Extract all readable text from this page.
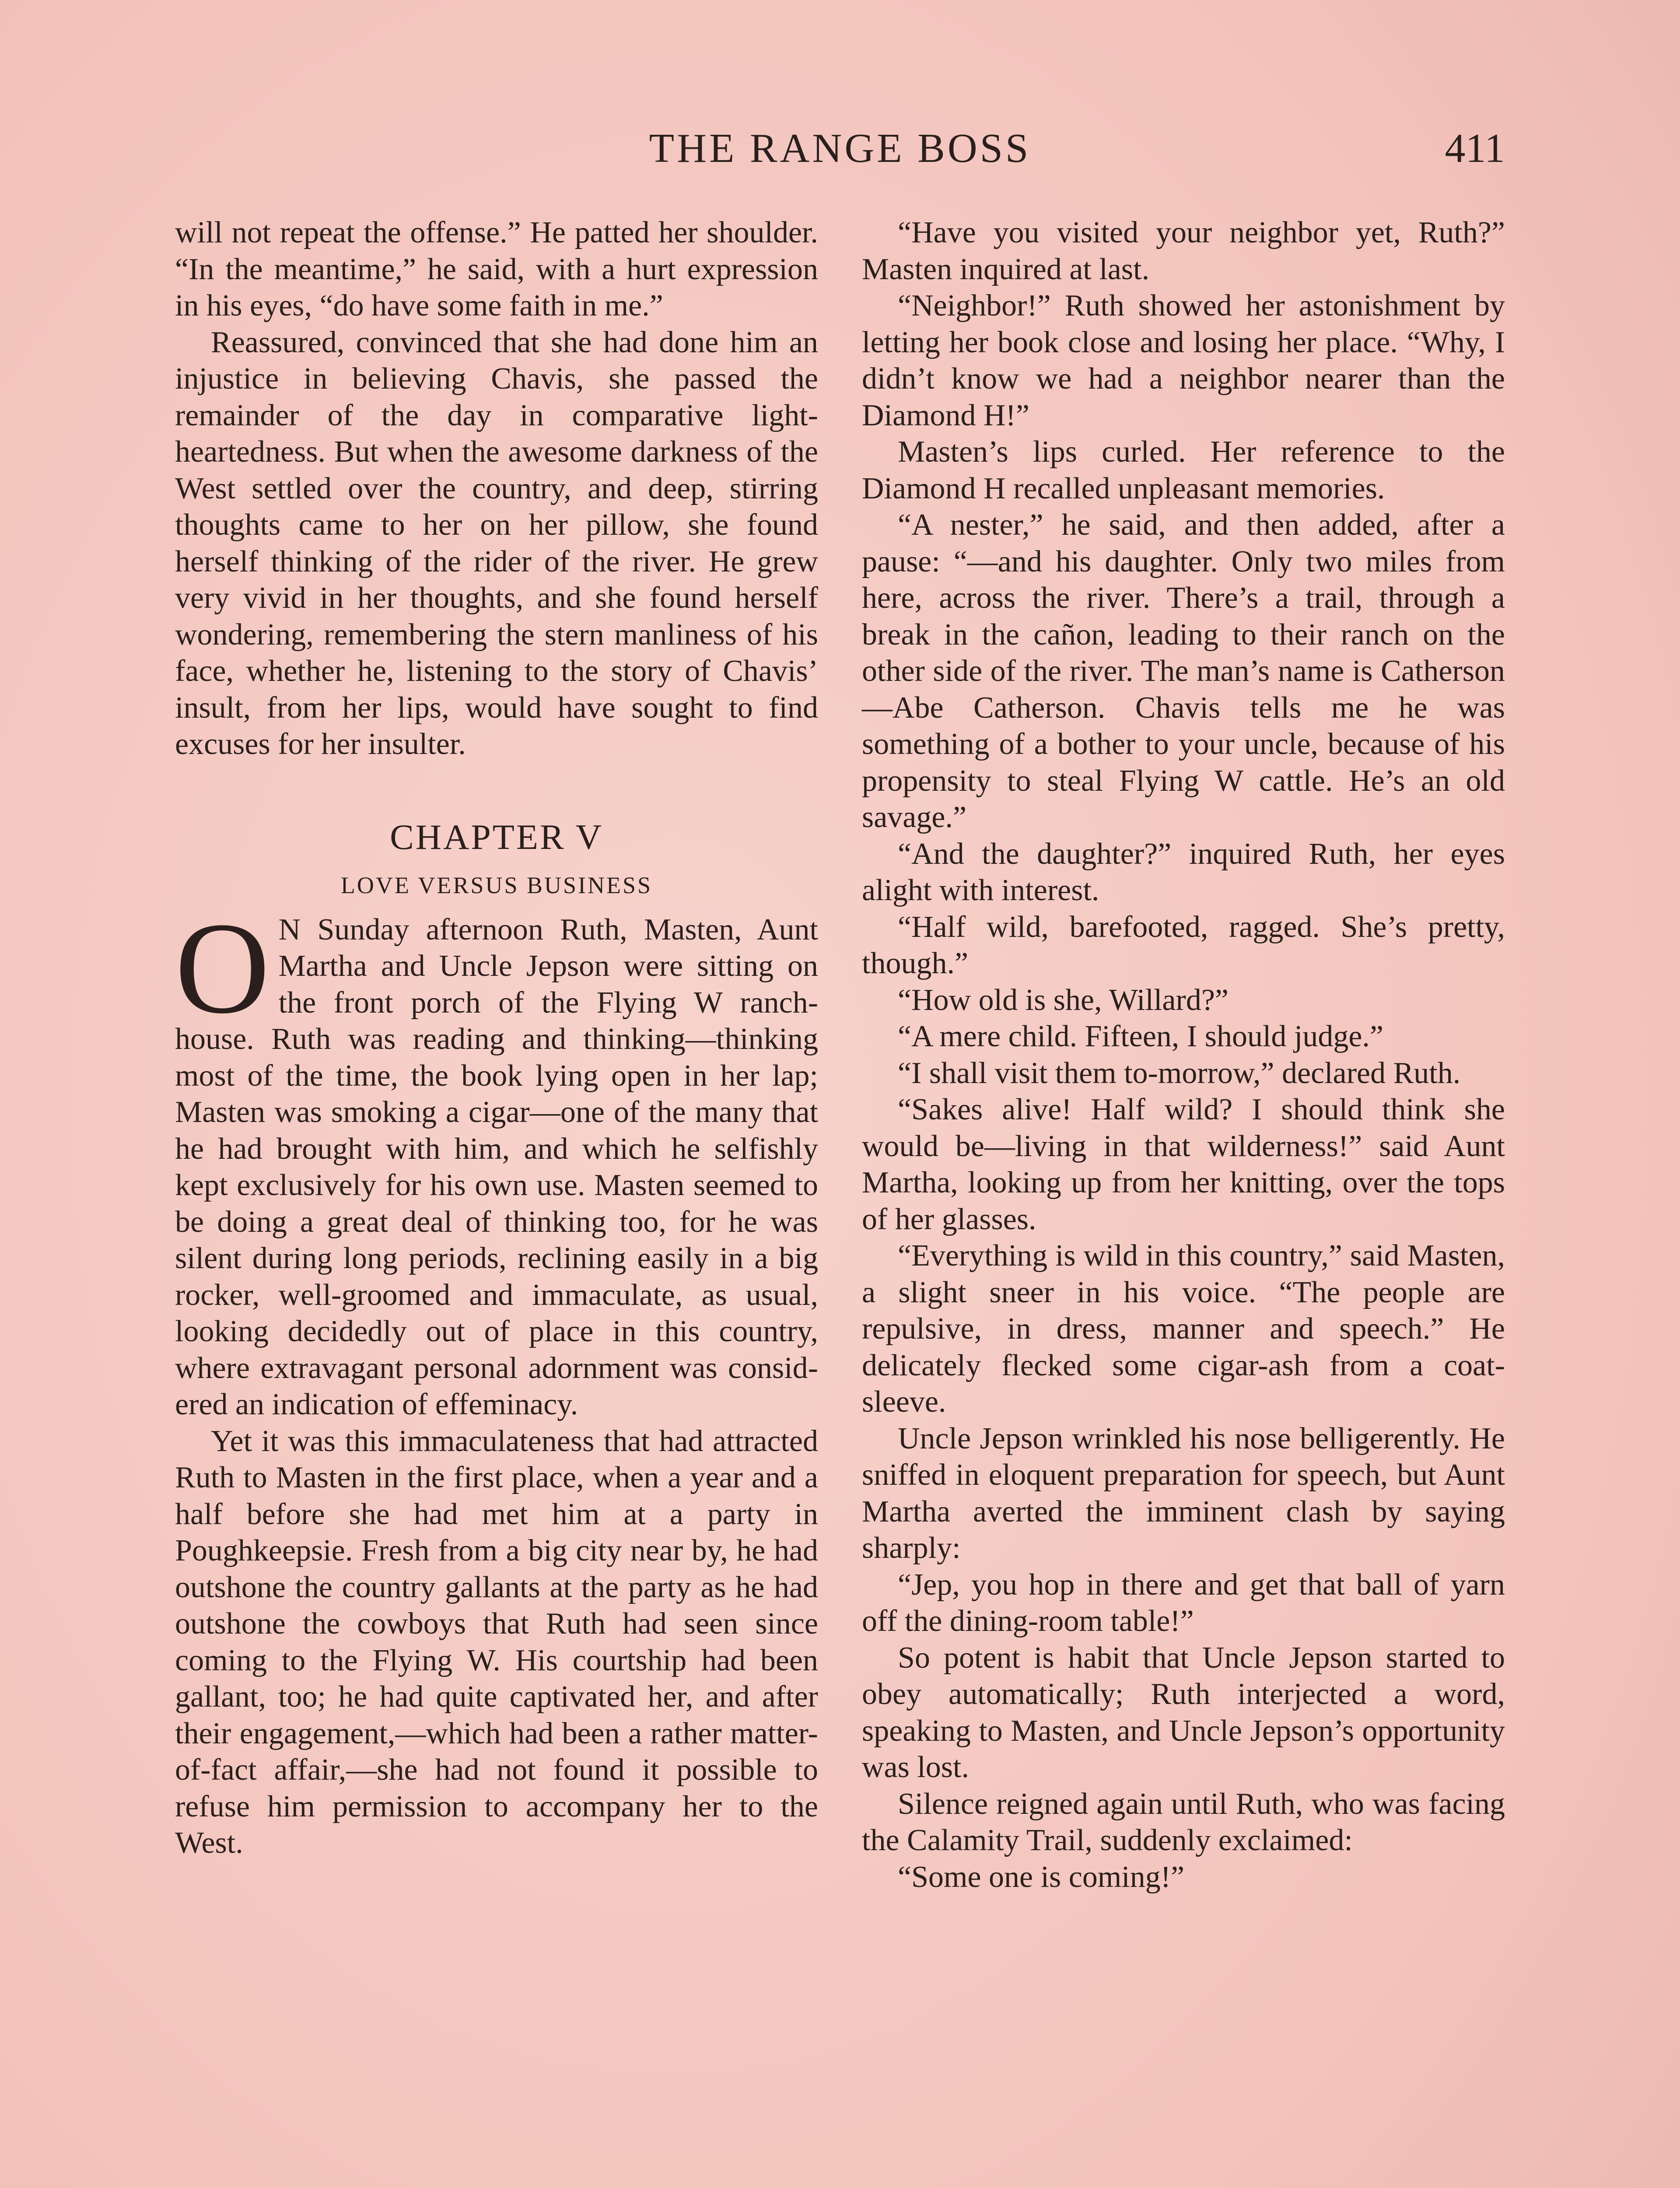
THE RANGE BOSS	411

will not repeat the offense.” He patted her shoulder. “In the meantime,” he said, with a hurt expression in his eyes, “do have some faith in me.”

Reassured, convinced that she had done him an injustice in believing Chavis, she passed the remainder of the day in comparative light-heartedness. But when the awesome darkness of the West settled over the country, and deep, stirring thoughts came to her on her pillow, she found herself thinking of the rider of the river. He grew very vivid in her thoughts, and she found herself wondering, remembering the stern manliness of his face, whether he, listening to the story of Chavis’ insult, from her lips, would have sought to find excuses for her insulter.

CHAPTER V

LOVE VERSUS BUSINESS

O N Sunday afternoon Ruth, Masten, Aunt Martha and Uncle Jepson were sitting on the front porch of the Flying W ranch-house. Ruth was reading and thinking—thinking most of the time, the book lying open in her lap; Masten was smoking a cigar—one of the many that he had brought with him, and which he selfishly kept exclusively for his own use. Masten seemed to be doing a great deal of thinking too, for he was silent during long periods, reclining easily in a big rocker, well-groomed and immaculate, as usual, looking decidedly out of place in this country, where extravagant personal adornment was considered an indication of effeminacy.

Yet it was this immaculateness that had attracted Ruth to Masten in the first place, when a year and a half before she had met him at a party in Poughkeepsie. Fresh from a big city near by, he had outshone the country gallants at the party as he had outshone the cowboys that Ruth had seen since coming to the Flying W. His courtship had been gallant, too; he had quite captivated her, and after their engagement,—which had been a rather matter-of-fact affair,—she had not found it possible to refuse him permission to accompany her to the West.

“Have you visited your neighbor yet, Ruth?” Masten inquired at last.

“Neighbor!” Ruth showed her astonishment by letting her book close and losing her place. “Why, I didn’t know we had a neighbor nearer than the Diamond H!”

Masten’s lips curled. Her reference to the Diamond H recalled unpleasant memories.

“A nester,” he said, and then added, after a pause: “—and his daughter. Only two miles from here, across the river. There’s a trail, through a break in the cañon, leading to their ranch on the other side of the river. The man’s name is Catherson—Abe Catherson. Chavis tells me he was something of a bother to your uncle, because of his propensity to steal Flying W cattle. He’s an old savage.”

“And the daughter?” inquired Ruth, her eyes alight with interest.

“Half wild, barefooted, ragged. She’s pretty, though.”

“How old is she, Willard?”

“A mere child. Fifteen, I should judge.”

“I shall visit them to-morrow,” declared Ruth.

“Sakes alive! Half wild? I should think she would be—living in that wilderness!” said Aunt Martha, looking up from her knitting, over the tops of her glasses.

“Everything is wild in this country,” said Masten, a slight sneer in his voice. “The people are repulsive, in dress, manner and speech.” He delicately flecked some cigar-ash from a coat-sleeve.

Uncle Jepson wrinkled his nose belligerently. He sniffed in eloquent preparation for speech, but Aunt Martha averted the imminent clash by saying sharply:

“Jep, you hop in there and get that ball of yarn off the dining-room table!”

So potent is habit that Uncle Jepson started to obey automatically; Ruth interjected a word, speaking to Masten, and Uncle Jepson’s opportunity was lost.

Silence reigned again until Ruth, who was facing the Calamity Trail, suddenly exclaimed:

“Some one is coming!”
